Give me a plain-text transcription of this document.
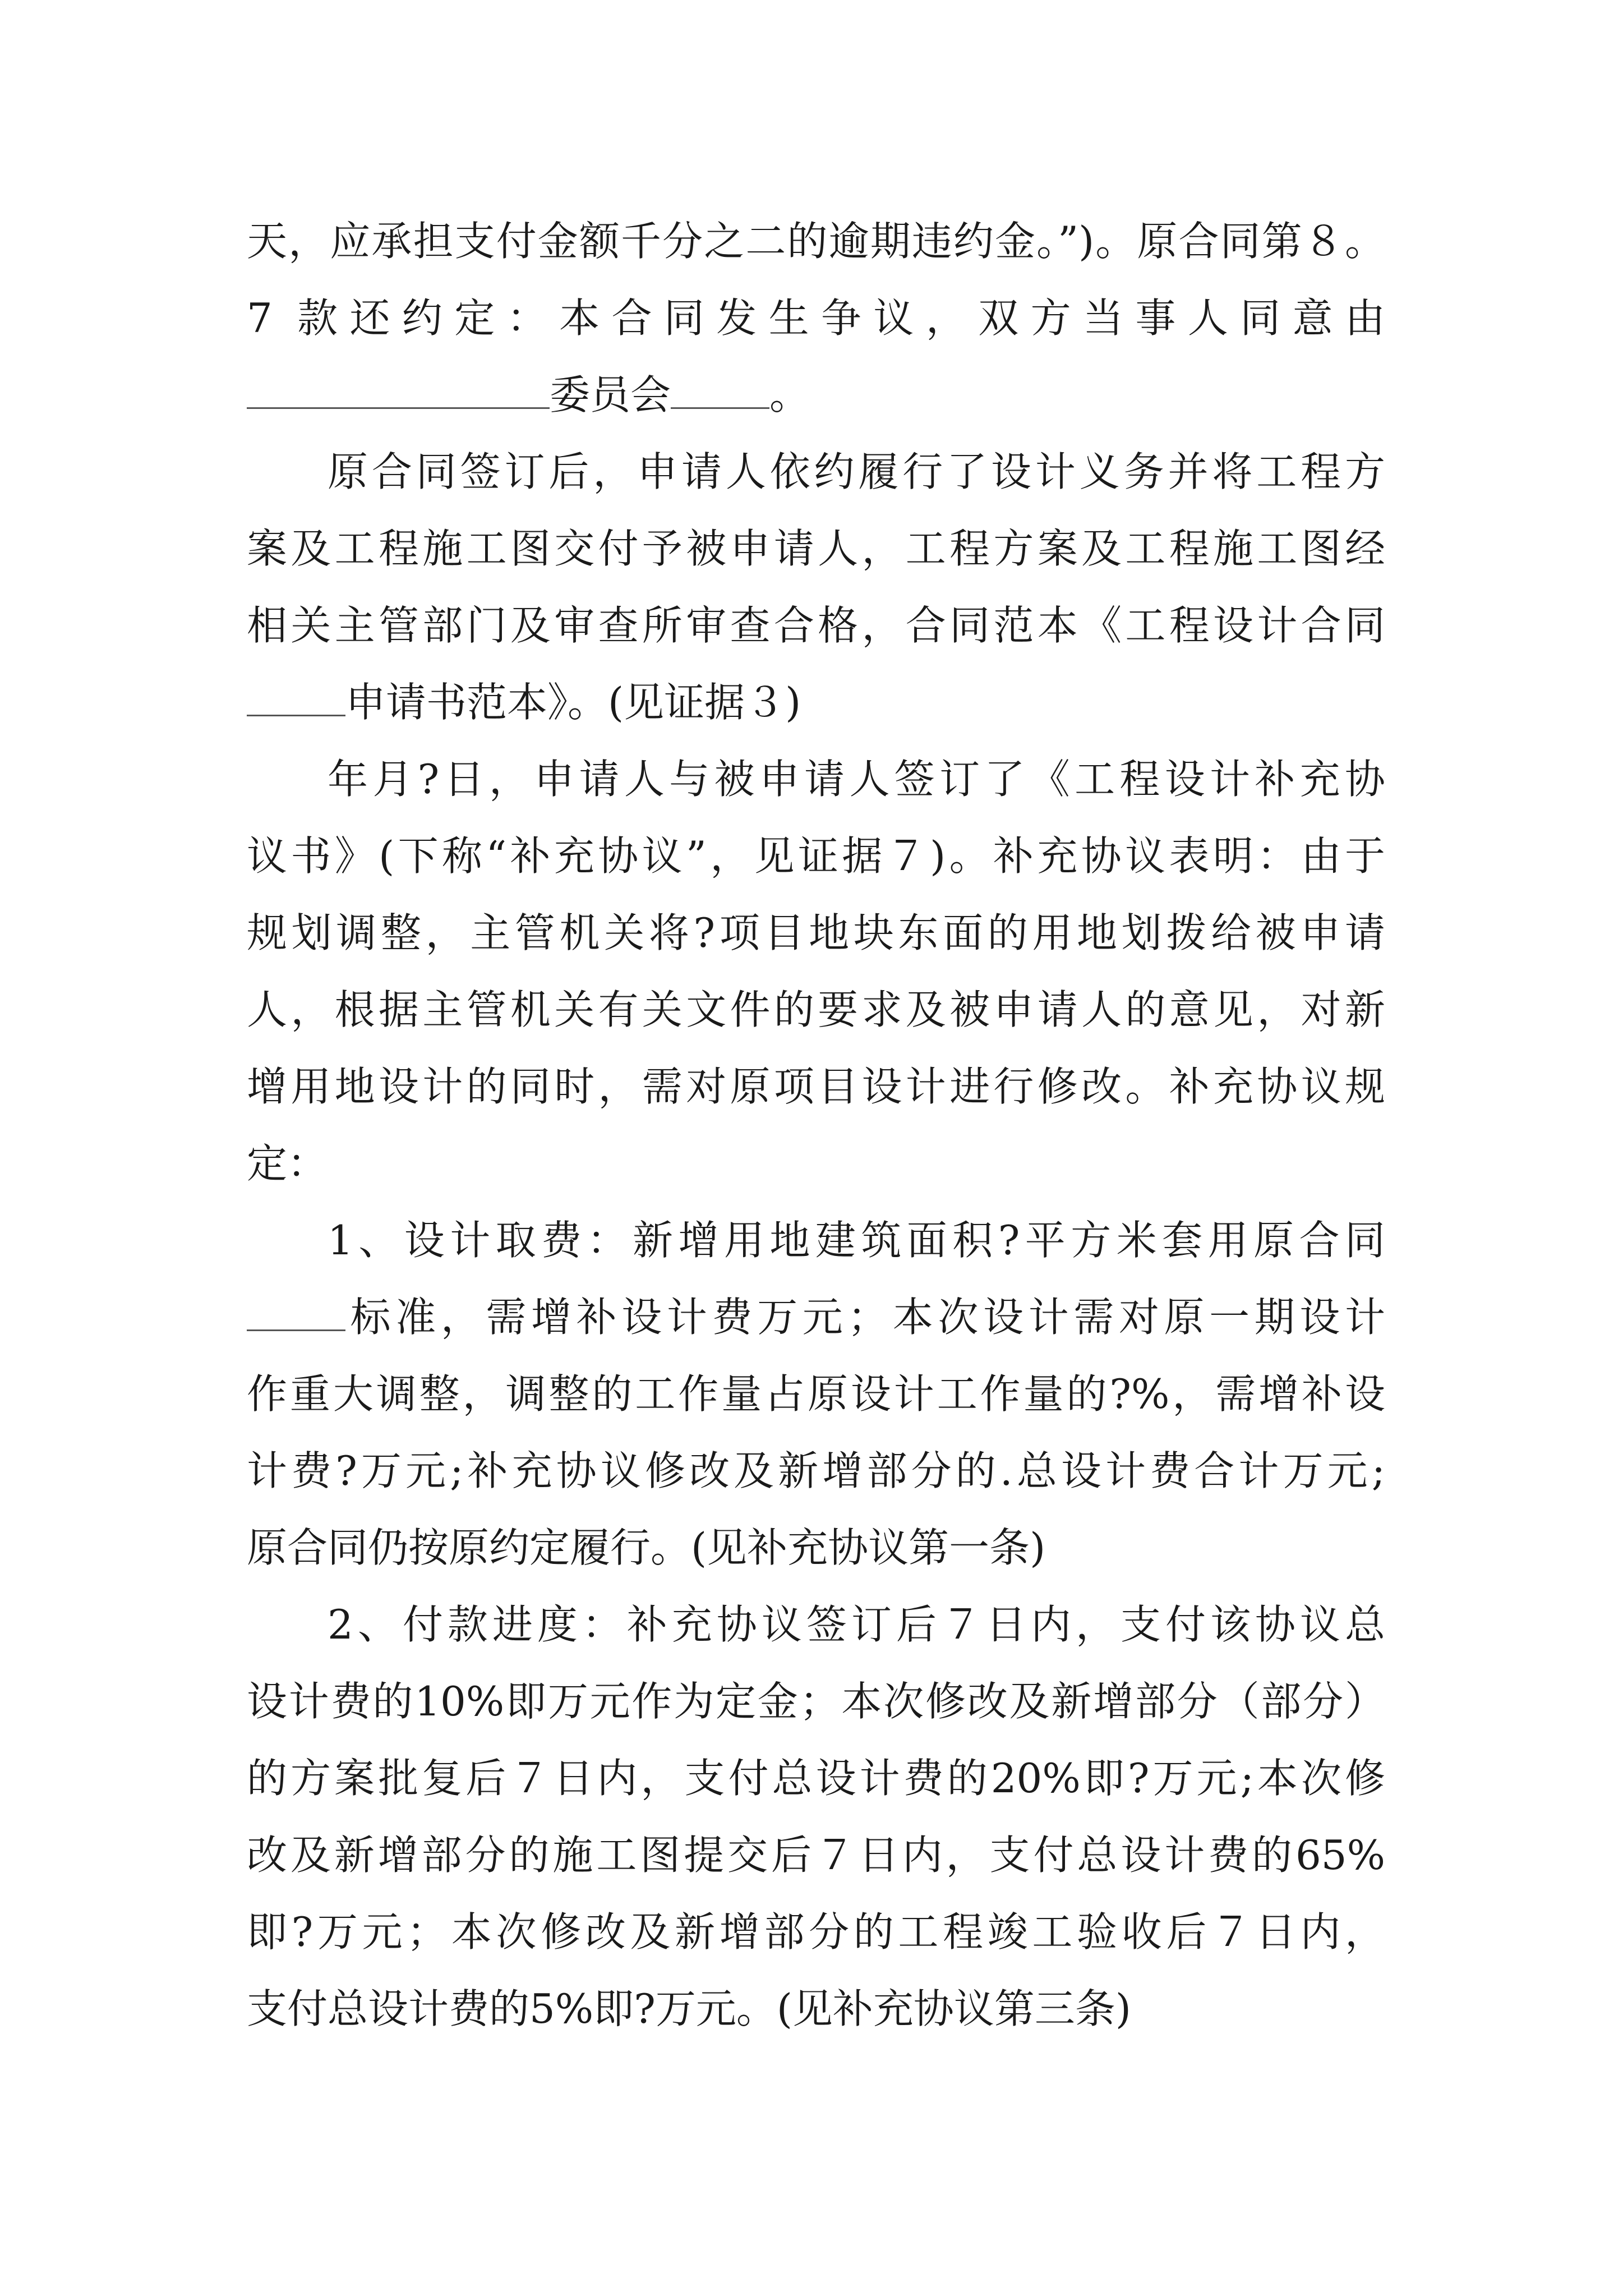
天，应承担支付金额千分之二的逾期违约金。”)。原合同第８。
7 款还约定：本合同发生争议，双方当事人同意由
委员会 。
原合同签订后，申请人依约履行了设计义务并将工程方
案及工程施工图交付予被申请人，工程方案及工程施工图经
相关主管部门及审查所审查合格，合同范本《工程设计合同
申请书范本》。(见证据３)
年月?日，申请人与被申请人签订了《工程设计补充协
议书》(下称“补充协议”，见证据７)。补充协议表明：由于
规划调整，主管机关将?项目地块东面的用地划拨给被申请
人，根据主管机关有关文件的要求及被申请人的意见，对新
增用地设计的同时，需对原项目设计进行修改。补充协议规
定：
1、设计取费：新增用地建筑面积?平方米套用原合同
标准，需增补设计费万元；本次设计需对原一期设计
作重大调整，调整的工作量占原设计工作量的?%，需增补设
计费?万元;补充协议修改及新增部分的.总设计费合计万元;
原合同仍按原约定履行。(见补充协议第一条)
2、付款进度：补充协议签订后７日内，支付该协议总
设计费的10%即万元作为定金；本次修改及新增部分（部分）
的方案批复后７日内，支付总设计费的20%即?万元;本次修
改及新增部分的施工图提交后７日内，支付总设计费的65%
即?万元；本次修改及新增部分的工程竣工验收后７日内，
支付总设计费的5%即?万元。(见补充协议第三条)
